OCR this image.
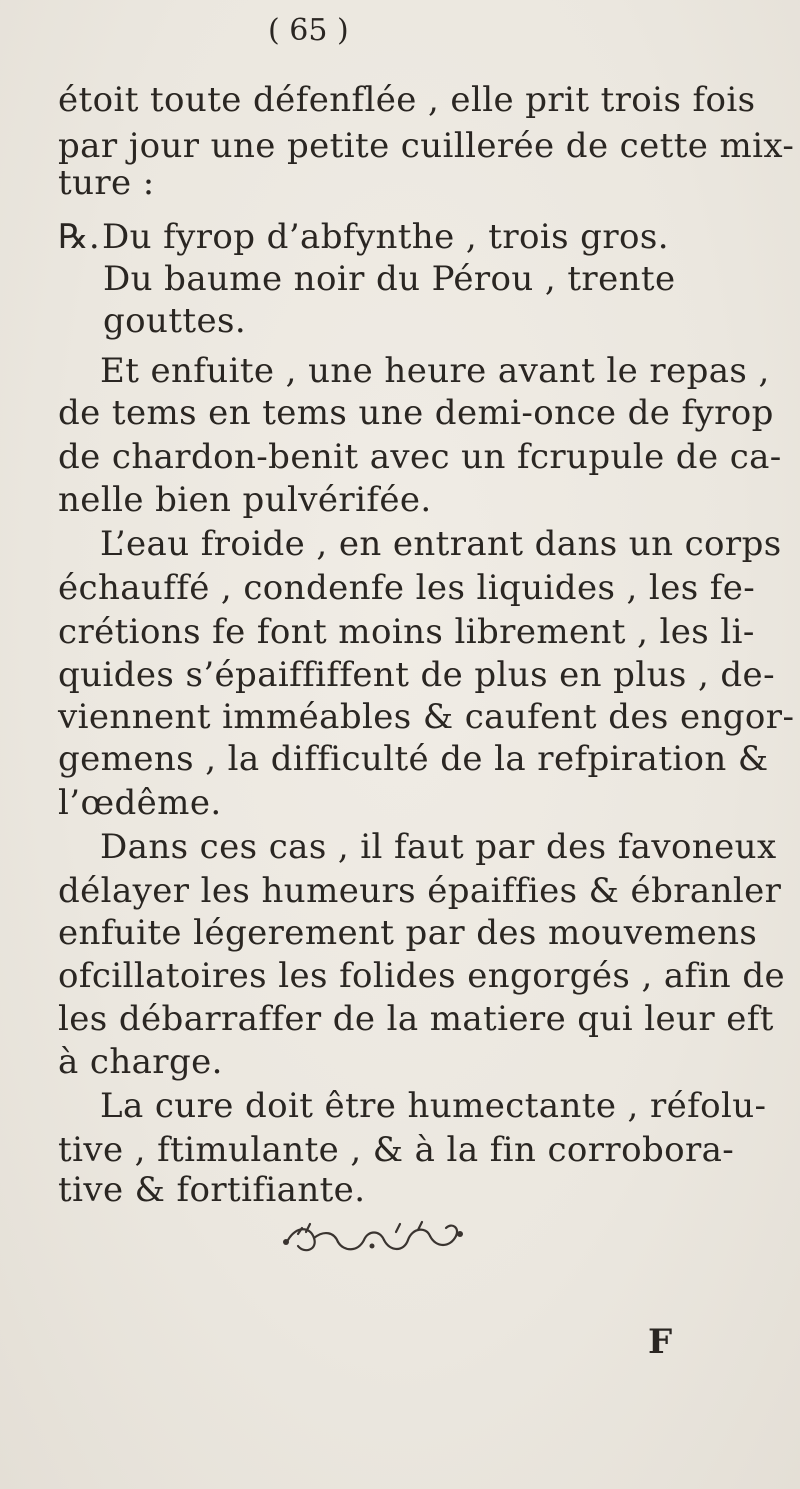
( 65 )
étoit toute défenflée , elle prit trois fois
par jour une petite cuillerée de cette mix-
ture :
℞.Du fyrop d’abfynthe , trois gros.
Du baume noir du Pérou , trente
gouttes.
Et enfuite , une heure avant le repas ,
de tems en tems une demi-once de fyrop
de chardon-benit avec un fcrupule de ca-
nelle bien pulvérifée.
L’eau froide , en entrant dans un corps
échauffé , condenfe les liquides , les fe-
crétions fe font moins librement , les li-
quides s’épaiffiffent de plus en plus , de-
viennent imméables & caufent des engor-
gemens , la difficulté de la refpiration &
l’œdême.
Dans ces cas , il faut par des favoneux
délayer les humeurs épaiffies & ébranler
enfuite légerement par des mouvemens
ofcillatoires les folides engorgés , afin de
les débarraffer de la matiere qui leur eft
à charge.
La cure doit être humectante , réfolu-
tive , ftimulante , & à la fin corrobora-
tive & fortifiante.
F
